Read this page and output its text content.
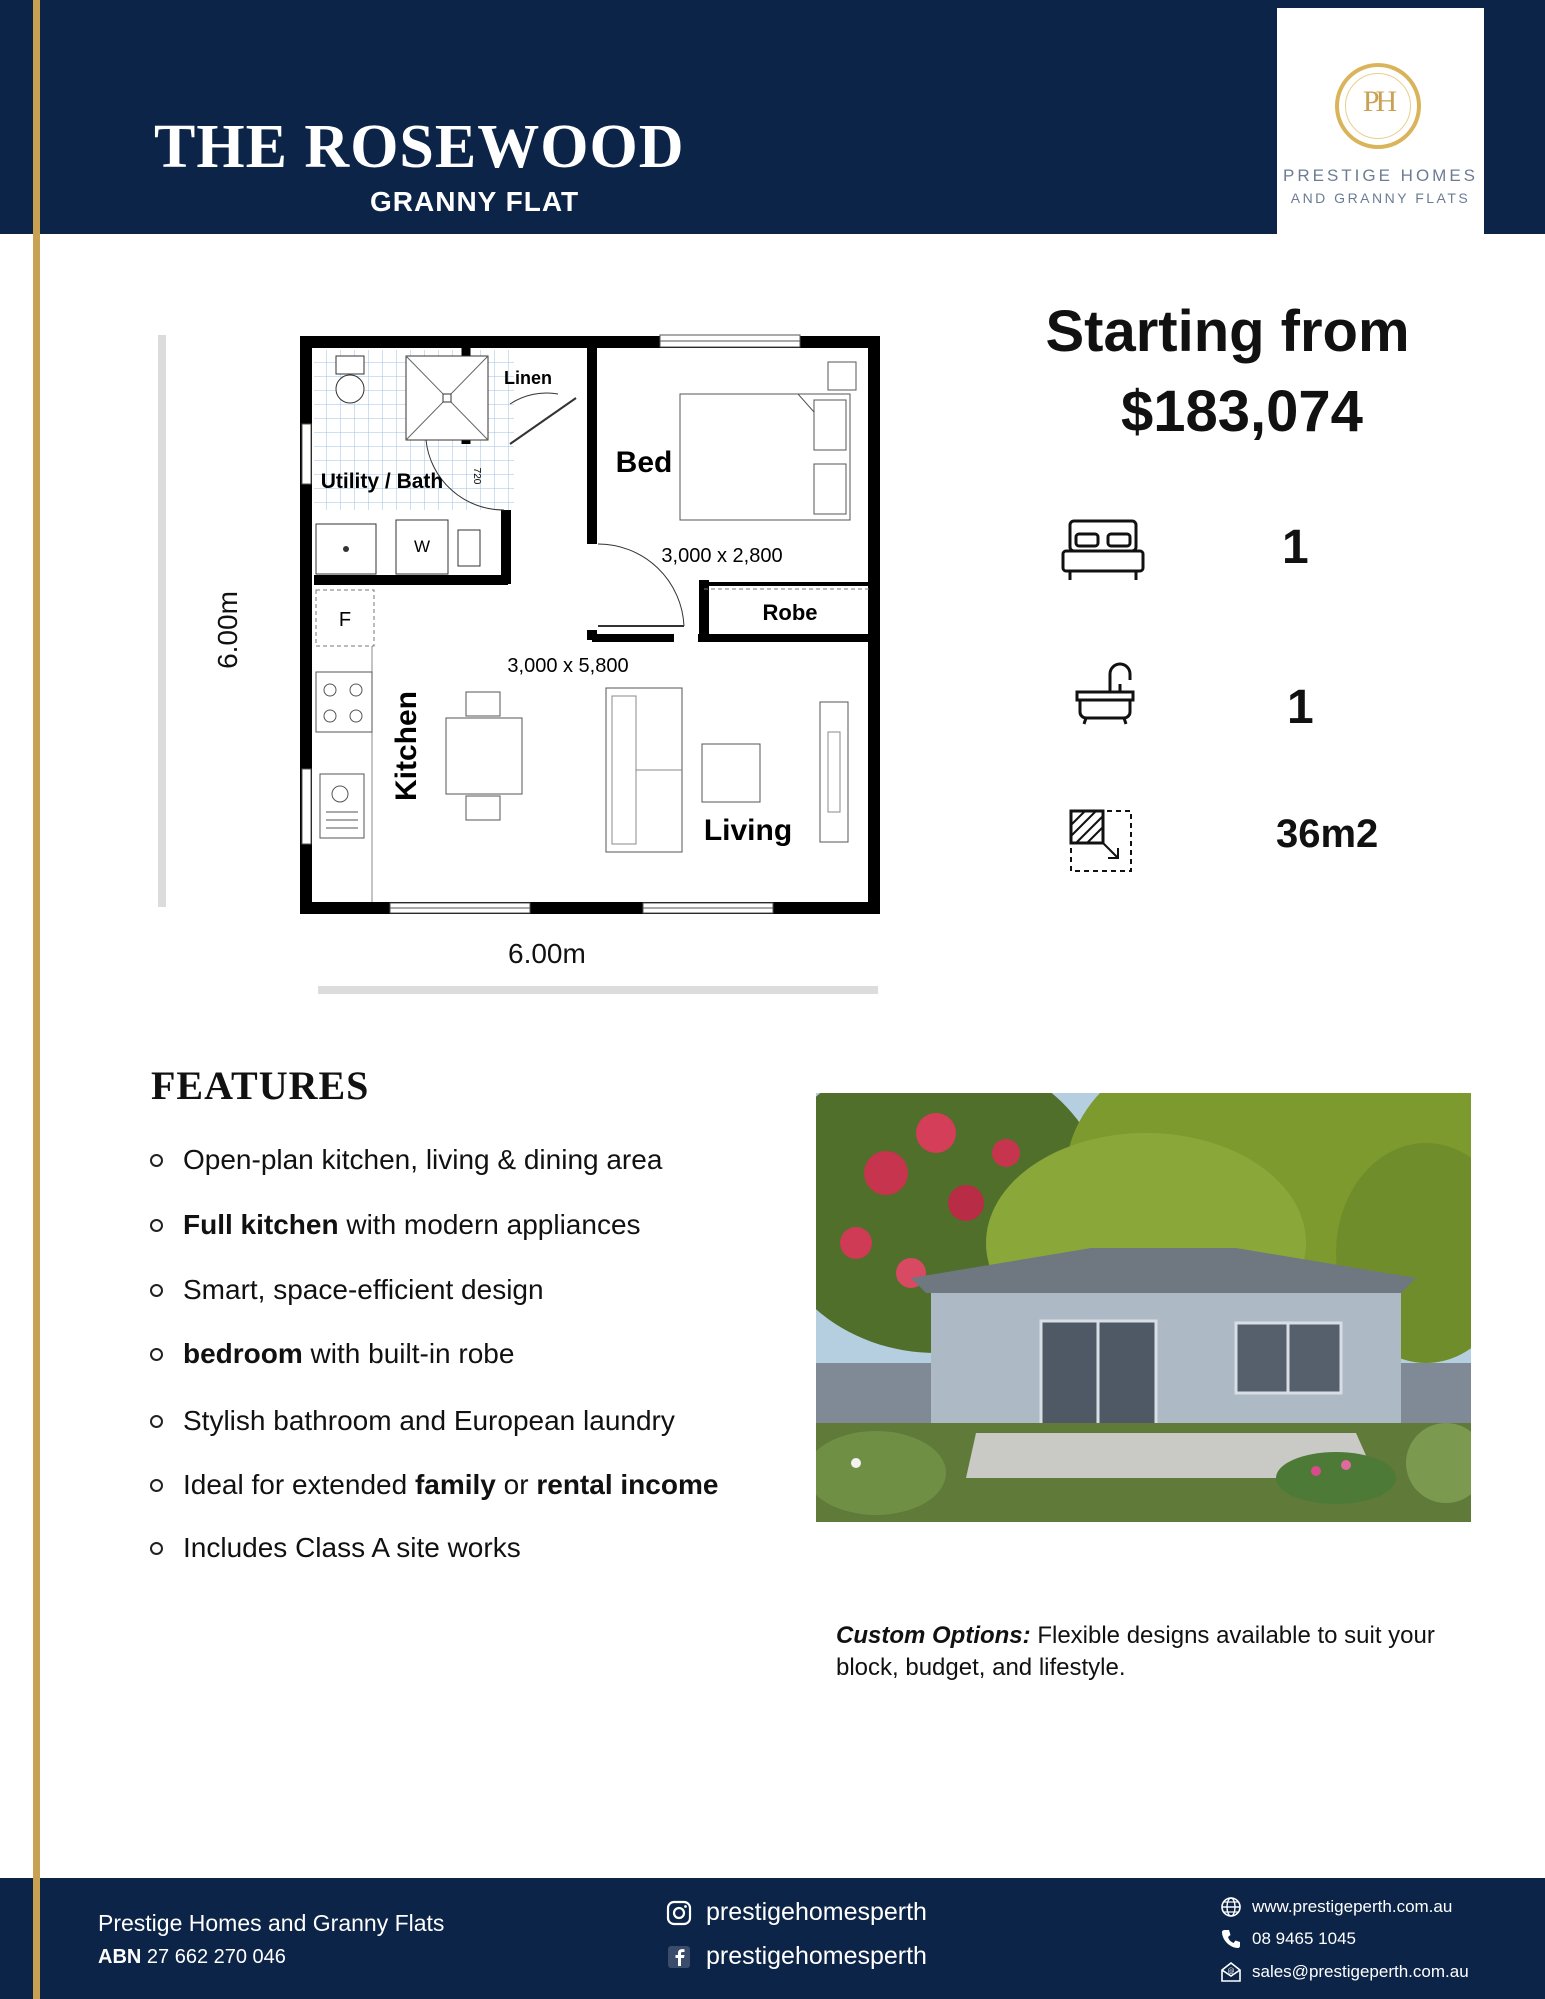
THE ROSEWOOD
GRANNY FLAT
PH
PRESTIGE HOMES
AND GRANNY FLATS
6.00m
6.00m
Linen
Bed
3,000 x 2,800
Utility / Bath	720
W
F	Robe
Kitchen
3,000 x 5,800
Living
Starting from
$183,074
1
1
36m2
FEATURES
Open-plan kitchen, living & dining area
Full kitchen with modern appliances
Smart, space-efficient design
bedroom with built-in robe
Stylish bathroom and European laundry
Ideal for extended family or rental income
Includes Class A site works
Custom Options: Flexible designs available to suit your block, budget, and lifestyle.
Prestige Homes and Granny Flats
ABN 27 662 270 046
prestigehomesperth
prestigehomesperth
www.prestigeperth.com.au
08 9465 1045
@ sales@prestigeperth.com.au
